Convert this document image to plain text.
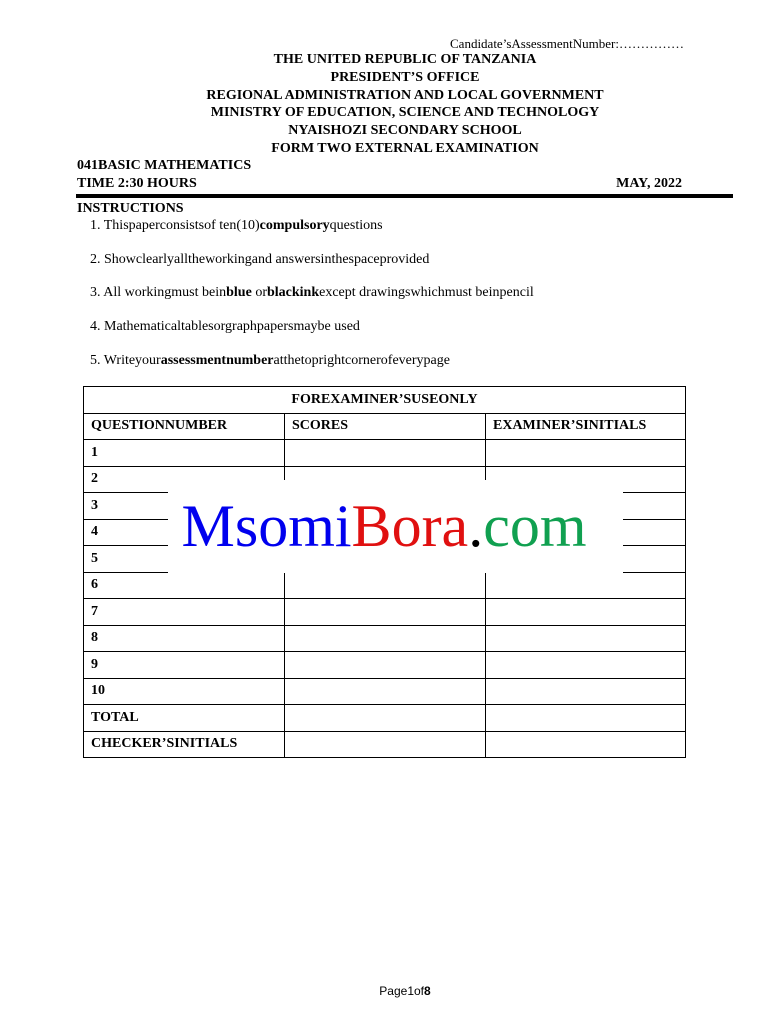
Candidate’sAssessmentNumber:……………
THE UNITED REPUBLIC OF TANZANIA
PRESIDENT’S OFFICE
REGIONAL ADMINISTRATION AND LOCAL GOVERNMENT
MINISTRY OF EDUCATION, SCIENCE AND TECHNOLOGY
NYAISHOZI SECONDARY SCHOOL
FORM TWO EXTERNAL EXAMINATION
041BASIC MATHEMATICS
TIME 2:30 HOURS	MAY, 2022
INSTRUCTIONS
1. Thispaperconsistsof ten(10)compulsoryquestions
2. Showclearlyalltheworkingand answersinthespaceprovided
3. All workingmust beinblue orblackinkexcept drawingswhichmust beinpencil
4. Mathematicaltablesorgraphpapersmaybe used
5. Writeyourassessmentnumberatthetoprightcornerofeverypage
FOREXAMINER’SUSEONLY		
QUESTIONNUMBER	SCORES	EXAMINER’SINITIALS
1		
2		
3		
4		
5		
6		
7		
8		
9		
10		
TOTAL		
CHECKER’SINITIALS		
MsomiBora.com
Page1of8
